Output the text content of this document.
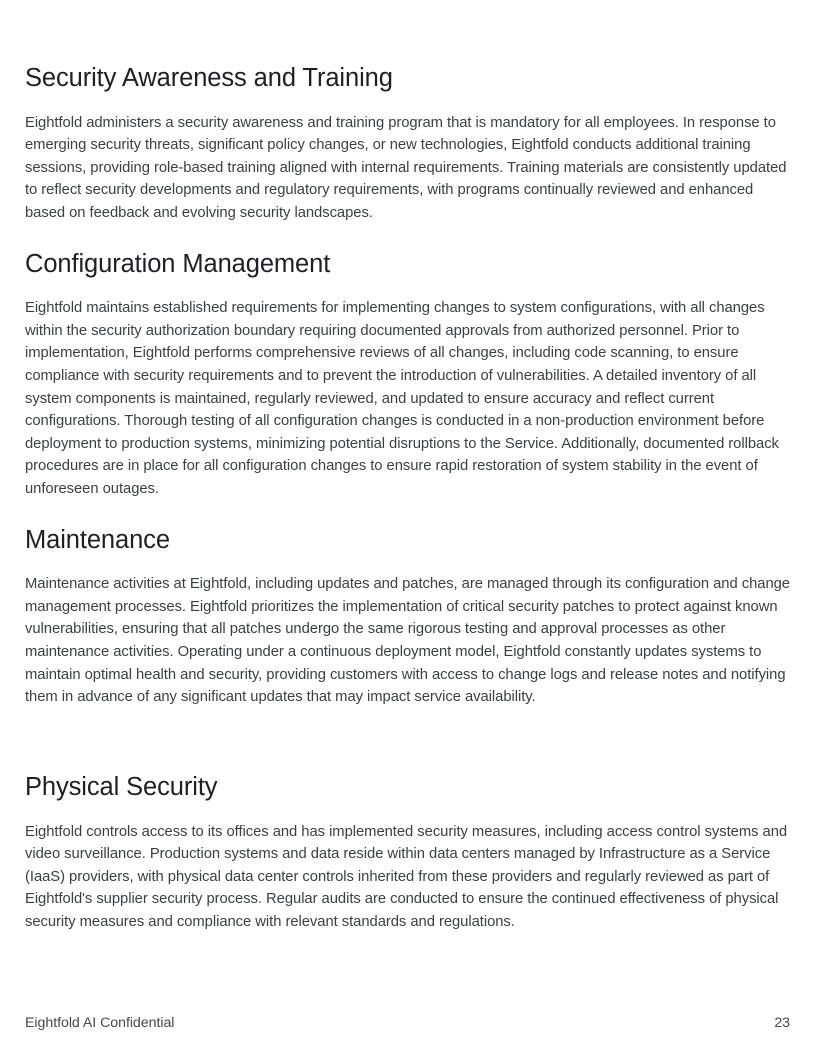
Security Awareness and Training

Eightfold administers a security awareness and training program that is mandatory for all employees. In response to emerging security threats, significant policy changes, or new technologies, Eightfold conducts additional training sessions, providing role-based training aligned with internal requirements. Training materials are consistently updated to reflect security developments and regulatory requirements, with programs continually reviewed and enhanced based on feedback and evolving security landscapes.

Configuration Management

Eightfold maintains established requirements for implementing changes to system configurations, with all changes within the security authorization boundary requiring documented approvals from authorized personnel. Prior to implementation, Eightfold performs comprehensive reviews of all changes, including code scanning, to ensure compliance with security requirements and to prevent the introduction of vulnerabilities. A detailed inventory of all system components is maintained, regularly reviewed, and updated to ensure accuracy and reflect current configurations. Thorough testing of all configuration changes is conducted in a non-production environment before deployment to production systems, minimizing potential disruptions to the Service. Additionally, documented rollback procedures are in place for all configuration changes to ensure rapid restoration of system stability in the event of unforeseen outages.

Maintenance

Maintenance activities at Eightfold, including updates and patches, are managed through its configuration and change management processes. Eightfold prioritizes the implementation of critical security patches to protect against known vulnerabilities, ensuring that all patches undergo the same rigorous testing and approval processes as other maintenance activities. Operating under a continuous deployment model, Eightfold constantly updates systems to maintain optimal health and security, providing customers with access to change logs and release notes and notifying them in advance of any significant updates that may impact service availability.

Physical Security

Eightfold controls access to its offices and has implemented security measures, including access control systems and video surveillance. Production systems and data reside within data centers managed by Infrastructure as a Service (IaaS) providers, with physical data center controls inherited from these providers and regularly reviewed as part of Eightfold's supplier security process. Regular audits are conducted to ensure the continued effectiveness of physical security measures and compliance with relevant standards and regulations.

Eightfold AI Confidential	23
